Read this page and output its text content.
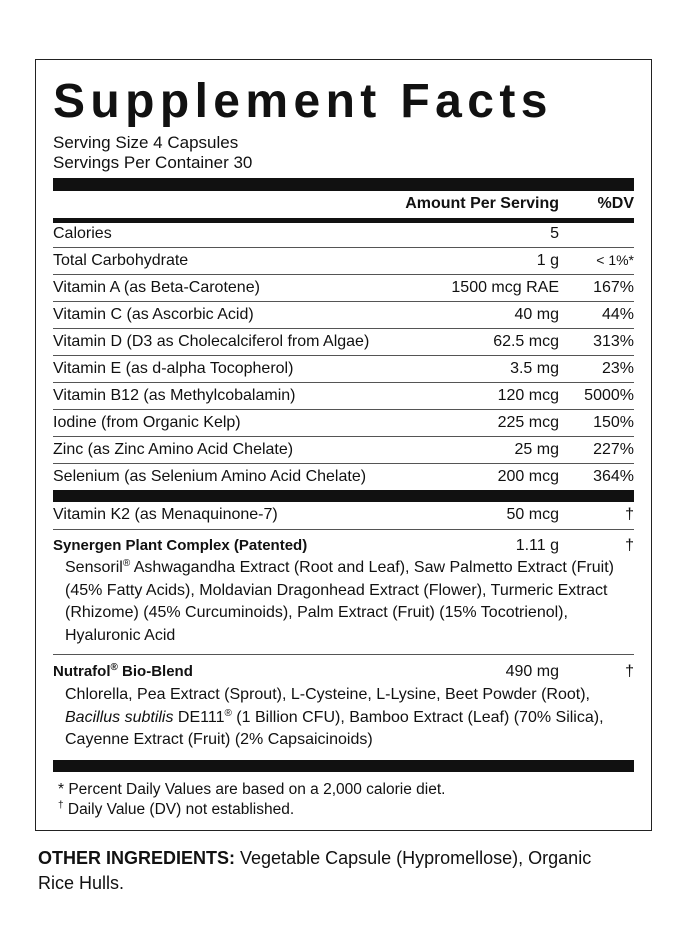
Supplement Facts
Serving Size 4 Capsules
Servings Per Container 30
Amount Per Serving %DV
Calories	5
Total Carbohydrate	1 g	< 1%*
Vitamin A (as Beta-Carotene)	1500 mcg RAE 167%
Vitamin C (as Ascorbic Acid)	40 mg	44%
Vitamin D (D3 as Cholecalciferol from Algae)	62.5 mcg 313%
Vitamin E (as d-alpha Tocopherol)	3.5 mg	23%
Vitamin B12 (as Methylcobalamin)	120 mcg 5000%
Iodine (from Organic Kelp)	225 mcg 150%
Zinc (as Zinc Amino Acid Chelate)	25 mg 227%
Selenium (as Selenium Amino Acid Chelate)	200 mcg 364%
Vitamin K2 (as Menaquinone-7)	50 mcg	†
Synergen Plant Complex (Patented)	1.11 g	†
Sensoril® Ashwagandha Extract (Root and Leaf), Saw Palmetto Extract (Fruit) (45% Fatty Acids), Moldavian Dragonhead Extract (Flower), Turmeric Extract (Rhizome) (45% Curcuminoids), Palm Extract (Fruit) (15% Tocotrienol), Hyaluronic Acid
Nutrafol® Bio-Blend	490 mg	†
Chlorella, Pea Extract (Sprout), L-Cysteine, L-Lysine, Beet Powder (Root),
Bacillus subtilis DE111® (1 Billion CFU), Bamboo Extract (Leaf) (70% Silica),
Cayenne Extract (Fruit) (2% Capsaicinoids)
* Percent Daily Values are based on a 2,000 calorie diet.
† Daily Value (DV) not established.
OTHER INGREDIENTS: Vegetable Capsule (Hypromellose), Organic Rice Hulls.
